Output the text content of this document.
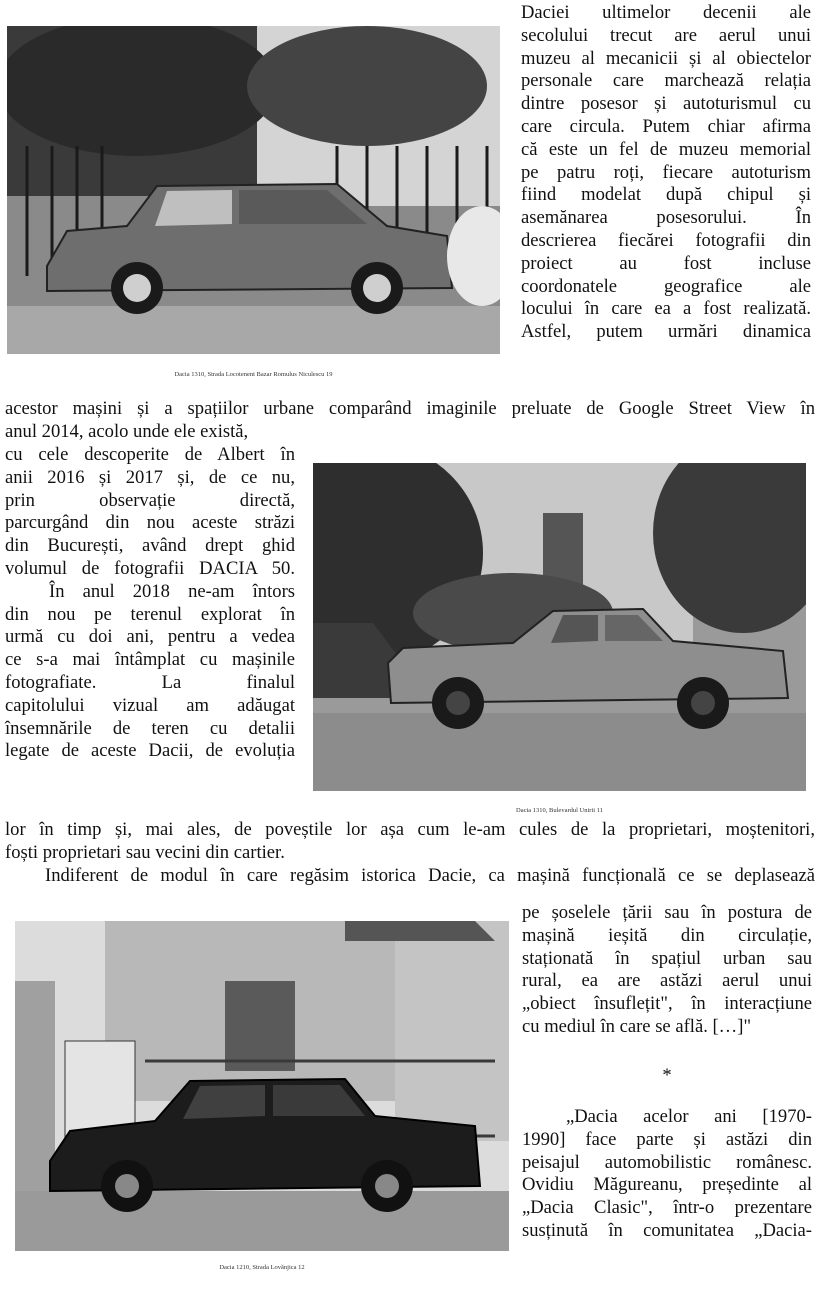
Dacia 1310, Strada Locotenent Bazar Romulus Niculescu 19
Daciei ultimelor decenii ale
secolului trecut are aerul unui
muzeu al mecanicii și al obiectelor
personale care marchează relația
dintre posesor și autoturismul cu
care circula. Putem chiar afirma
că este un fel de muzeu memorial
pe patru roți, fiecare autoturism
fiind modelat după chipul și
asemănarea posesorului. În
descrierea fiecărei fotografii din
proiect au fost incluse
coordonatele geografice ale
locului în care ea a fost realizată.
Astfel, putem urmări dinamica
acestor mașini și a spațiilor urbane comparând imaginile preluate de Google Street View în
anul 2014, acolo unde ele există,
cu cele descoperite de Albert în
anii 2016 și 2017 și, de ce nu,
prin observație directă,
parcurgând din nou aceste străzi
din București, având drept ghid
volumul de fotografii DACIA 50.
În anul 2018 ne-am întors
din nou pe terenul explorat în
urmă cu doi ani, pentru a vedea
ce s-a mai întâmplat cu mașinile
fotografiate. La finalul
capitolului vizual am adăugat
însemnările de teren cu detalii
legate de aceste Dacii, de evoluția
Dacia 1310, Bulevardul Unirii 11
lor în timp și, mai ales, de poveștile lor așa cum le-am cules de la proprietari, moștenitori,
foști proprietari sau vecini din cartier.
Indiferent de modul în care regăsim istorica Dacie, ca mașină funcțională ce se deplasează
Dacia 1210, Strada Lovănjica 12
pe șoselele țării sau în postura de
mașină ieșită din circulație,
staționată în spațiul urban sau
rural, ea are astăzi aerul unui
„obiect însuflețit", în interacțiune
cu mediul în care se află. […]"
*
„Dacia acelor ani [1970-
1990] face parte și astăzi din
peisajul automobilistic românesc.
Ovidiu Măgureanu, președinte al
„Dacia Clasic", într-o prezentare
susținută în comunitatea „Dacia-
